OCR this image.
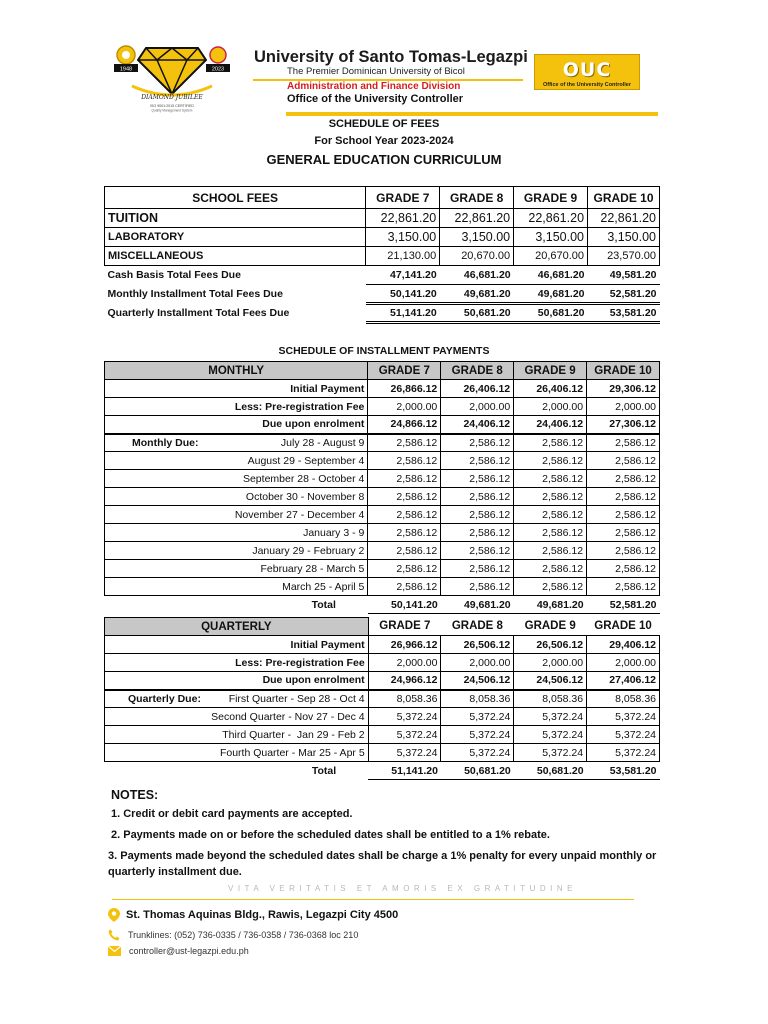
1948	2023
DIAMOND JUBILEE
ISO 9001:2015 CERTIFIED
Quality Management System
University of Santo Tomas-Legazpi
The Premier Dominican University of Bicol
Administration and Finance Division
Office of the University Controller
OUC
Office of the University Controller
SCHEDULE OF FEES
For School Year 2023-2024
GENERAL EDUCATION CURRICULUM
SCHOOL FEES	GRADE 7	GRADE 8	GRADE 9	GRADE 10
TUITION	22,861.20	22,861.20	22,861.20	22,861.20
LABORATORY	3,150.00	3,150.00	3,150.00	3,150.00
MISCELLANEOUS	21,130.00	20,670.00	20,670.00	23,570.00
Cash Basis Total Fees Due	47,141.20	46,681.20	46,681.20	49,581.20
Monthly Installment Total Fees Due	50,141.20	49,681.20	49,681.20	52,581.20
Quarterly Installment Total Fees Due	51,141.20	50,681.20	50,681.20	53,581.20
SCHEDULE OF INSTALLMENT PAYMENTS
MONTHLY	GRADE 7	GRADE 8	GRADE 9	GRADE 10
Initial Payment	26,866.12	26,406.12	26,406.12	29,306.12
Less: Pre-registration Fee	2,000.00	2,000.00	2,000.00	2,000.00
Due upon enrolment	24,866.12	24,406.12	24,406.12	27,306.12

Monthly Due: July 28 - August 9	2,586.12	2,586.12	2,586.12	2,586.12
August 29 - September 4	2,586.12	2,586.12	2,586.12	2,586.12
September 28 - October 4	2,586.12	2,586.12	2,586.12	2,586.12
October 30 - November 8	2,586.12	2,586.12	2,586.12	2,586.12
November 27 - December 4	2,586.12	2,586.12	2,586.12	2,586.12
January 3 - 9	2,586.12	2,586.12	2,586.12	2,586.12
January 29 - February 2	2,586.12	2,586.12	2,586.12	2,586.12
February 28 - March 5	2,586.12	2,586.12	2,586.12	2,586.12
March 25 - April 5	2,586.12	2,586.12	2,586.12	2,586.12
Total	50,141.20	49,681.20	49,681.20	52,581.20
QUARTERLY	GRADE 7	GRADE 8	GRADE 9	GRADE 10
Initial Payment	26,966.12	26,506.12	26,506.12	29,406.12
Less: Pre-registration Fee	2,000.00	2,000.00	2,000.00	2,000.00
Due upon enrolment	24,966.12	24,506.12	24,506.12	27,406.12

Quarterly Due: First Quarter - Sep 28 - Oct 4	8,058.36	8,058.36	8,058.36	8,058.36
Second Quarter - Nov 27 - Dec 4	5,372.24	5,372.24	5,372.24	5,372.24
Third Quarter -  Jan 29 - Feb 2	5,372.24	5,372.24	5,372.24	5,372.24
Fourth Quarter - Mar 25 - Apr 5	5,372.24	5,372.24	5,372.24	5,372.24
Total	51,141.20	50,681.20	50,681.20	53,581.20
NOTES:
1. Credit or debit card payments are accepted.
2. Payments made on or before the scheduled dates shall be entitled to a 1% rebate.
3. Payments made beyond the scheduled dates shall be charge a 1% penalty for every unpaid monthly or quarterly installment due.
VITA VERITATIS ET AMORIS EX GRATITUDINE
St. Thomas Aquinas Bldg., Rawis, Legazpi City 4500
Trunklines: (052) 736-0335 / 736-0358 / 736-0368 loc 210
controller@ust-legazpi.edu.ph
